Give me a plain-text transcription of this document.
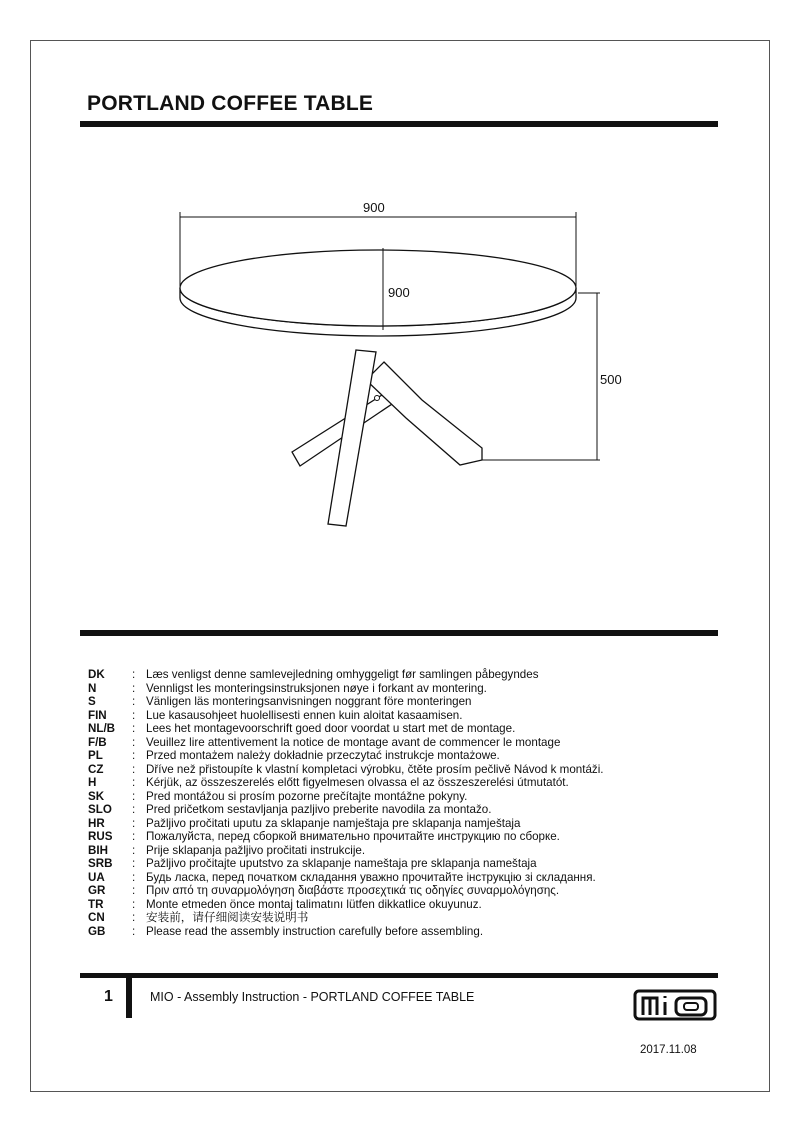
PORTLAND COFFEE TABLE
900
900
500
DK	: Læs venligst denne samlevejledning omhyggeligt før samlingen påbegyndes
N	: Vennligst les monteringsinstruksjonen nøye i forkant av montering.
S	: Vänligen läs monteringsanvisningen noggrant före monteringen
FIN	: Lue kasausohjeet huolellisesti ennen kuin aloitat kasaamisen.
NL/B	: Lees het montagevoorschrift goed door voordat u start met de montage.
F/B	: Veuillez lire attentivement la notice de montage avant de commencer le montage
PL	: Przed montażem należy dokładnie przeczytać instrukcje montażowe.
CZ	: Dříve než přistoupíte k vlastní kompletaci výrobku, čtěte prosím pečlivě Návod k montáži.
H	: Kérjük, az összeszerelés előtt figyelmesen olvassa el az összeszerelési útmutatót.
SK	: Pred montážou si prosím pozorne prečítajte montážne pokyny.
SLO	: Pred pričetkom sestavljanja pazljivo preberite navodila za montažo.
HR	: Pažljivo pročitati uputu za sklapanje namještaja pre sklapanja namještaja
RUS	: Пожалуйста, перед сборкой внимательно прочитайте инструкцию по сборке.
BIH	: Prije sklapanja pažljivo pročitati instrukcije.
SRB	: Pažljivo pročitajte uputstvo za sklapanje nameštaja pre sklapanja nameštaja
UA	: Будь ласка, перед початком складання уважно прочитайте інструкцію зі складання.
GR	: Πριν από τη συναρμολόγηση διαβάστε προσεχτικά τις οδηγίες συναρμολόγησης.
TR	: Monte etmeden önce montaj talimatını lütfen dikkatlice okuyunuz.
CN	: 安装前，请仔细阅读安装说明书
GB	: Please read the assembly instruction carefully before assembling.
1	MIO - Assembly Instruction - PORTLAND COFFEE TABLE
2017.11.08
